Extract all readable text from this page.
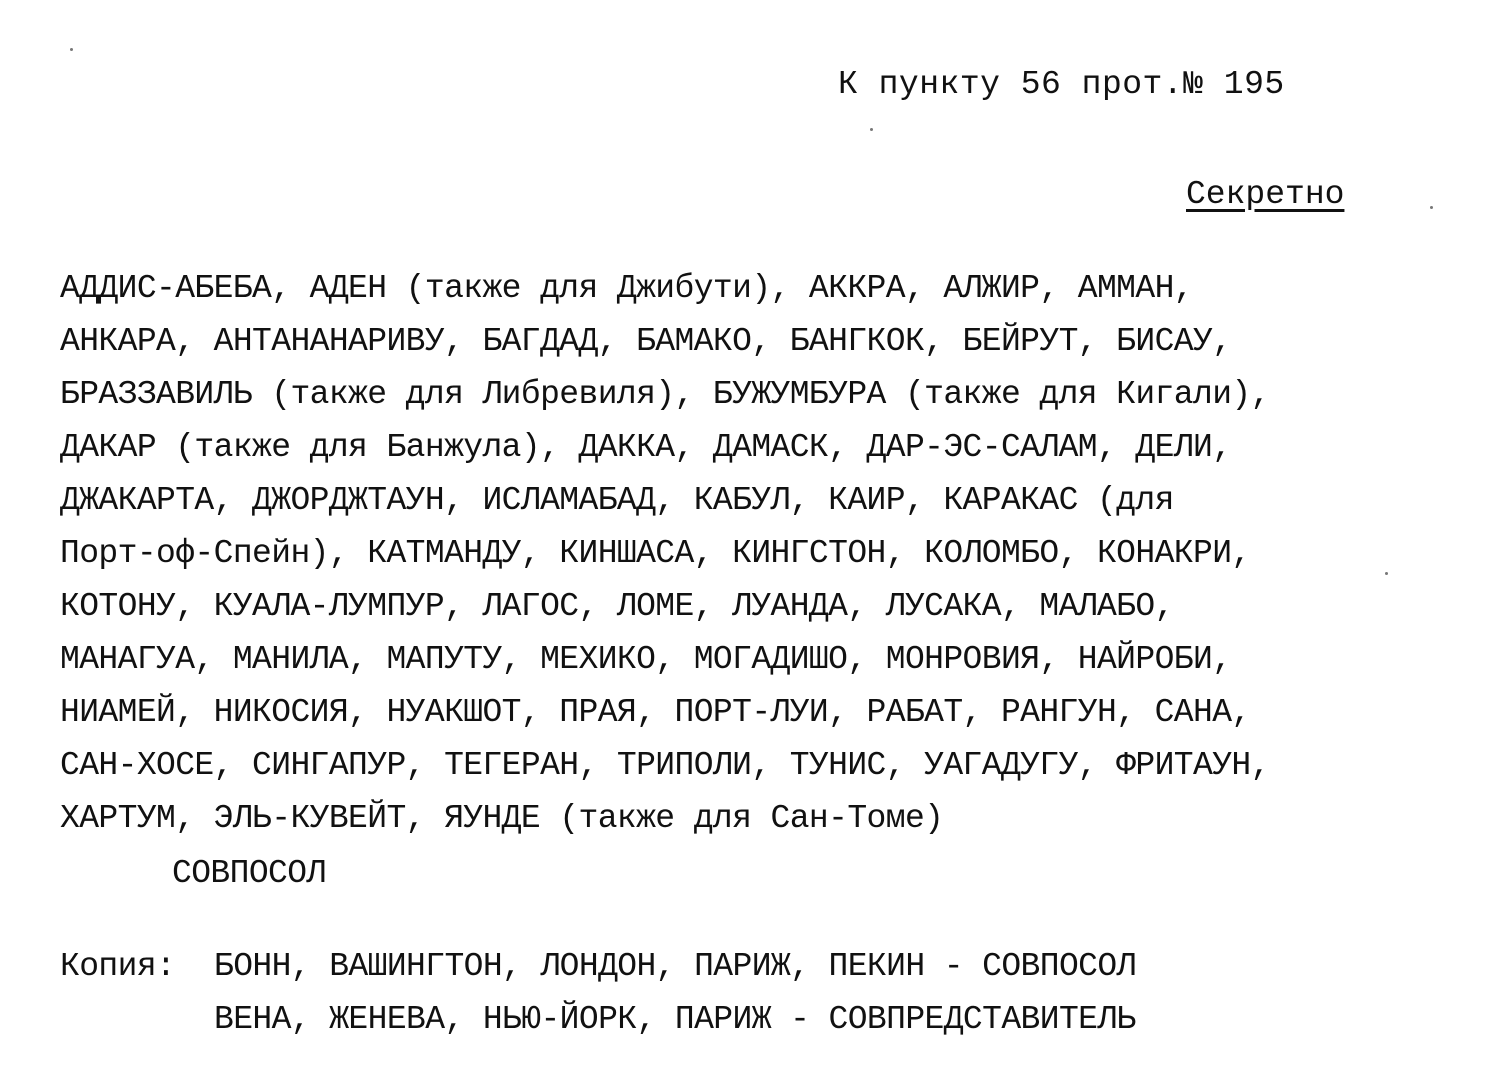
К пункту 56 прот.№ 195
Секретно
АДДИС-АБЕБА, АДЕН (также для Джибути), АККРА, АЛЖИР, АММАН,
АНКАРА, АНТАНАНАРИВУ, БАГДАД, БАМАКО, БАНГКОК, БЕЙРУТ, БИСАУ,
БРАЗЗАВИЛЬ (также для Либревиля), БУЖУМБУРА (также для Кигали),
ДАКАР (также для Банжула), ДАККА, ДАМАСК, ДАР-ЭС-САЛАМ, ДЕЛИ,
ДЖАКАРТА, ДЖОРДЖТАУН, ИСЛАМАБАД, КАБУЛ, КАИР, КАРАКАС (для
Порт-оф-Спейн), КАТМАНДУ, КИНШАСА, КИНГСТОН, КОЛОМБО, КОНАКРИ,
КОТОНУ, КУАЛА-ЛУМПУР, ЛАГОС, ЛОМЕ, ЛУАНДА, ЛУСАКА, МАЛАБО,
МАНАГУА, МАНИЛА, МАПУТУ, МЕХИКО, МОГАДИШО, МОНРОВИЯ, НАЙРОБИ,
НИАМЕЙ, НИКОСИЯ, НУАКШОТ, ПРАЯ, ПОРТ-ЛУИ, РАБАТ, РАНГУН, САНА,
САН-ХОСЕ, СИНГАПУР, ТЕГЕРАН, ТРИПОЛИ, ТУНИС, УАГАДУГУ, ФРИТАУН,
ХАРТУМ, ЭЛЬ-КУВЕЙТ, ЯУНДЕ (также для Сан-Томе)
СОВПОСОЛ
Копия: БОНН, ВАШИНГТОН, ЛОНДОН, ПАРИЖ, ПЕКИН - СОВПОСОЛ
ВЕНА, ЖЕНЕВА, НЬЮ-ЙОРК, ПАРИЖ - СОВПРЕДСТАВИТЕЛЬ
